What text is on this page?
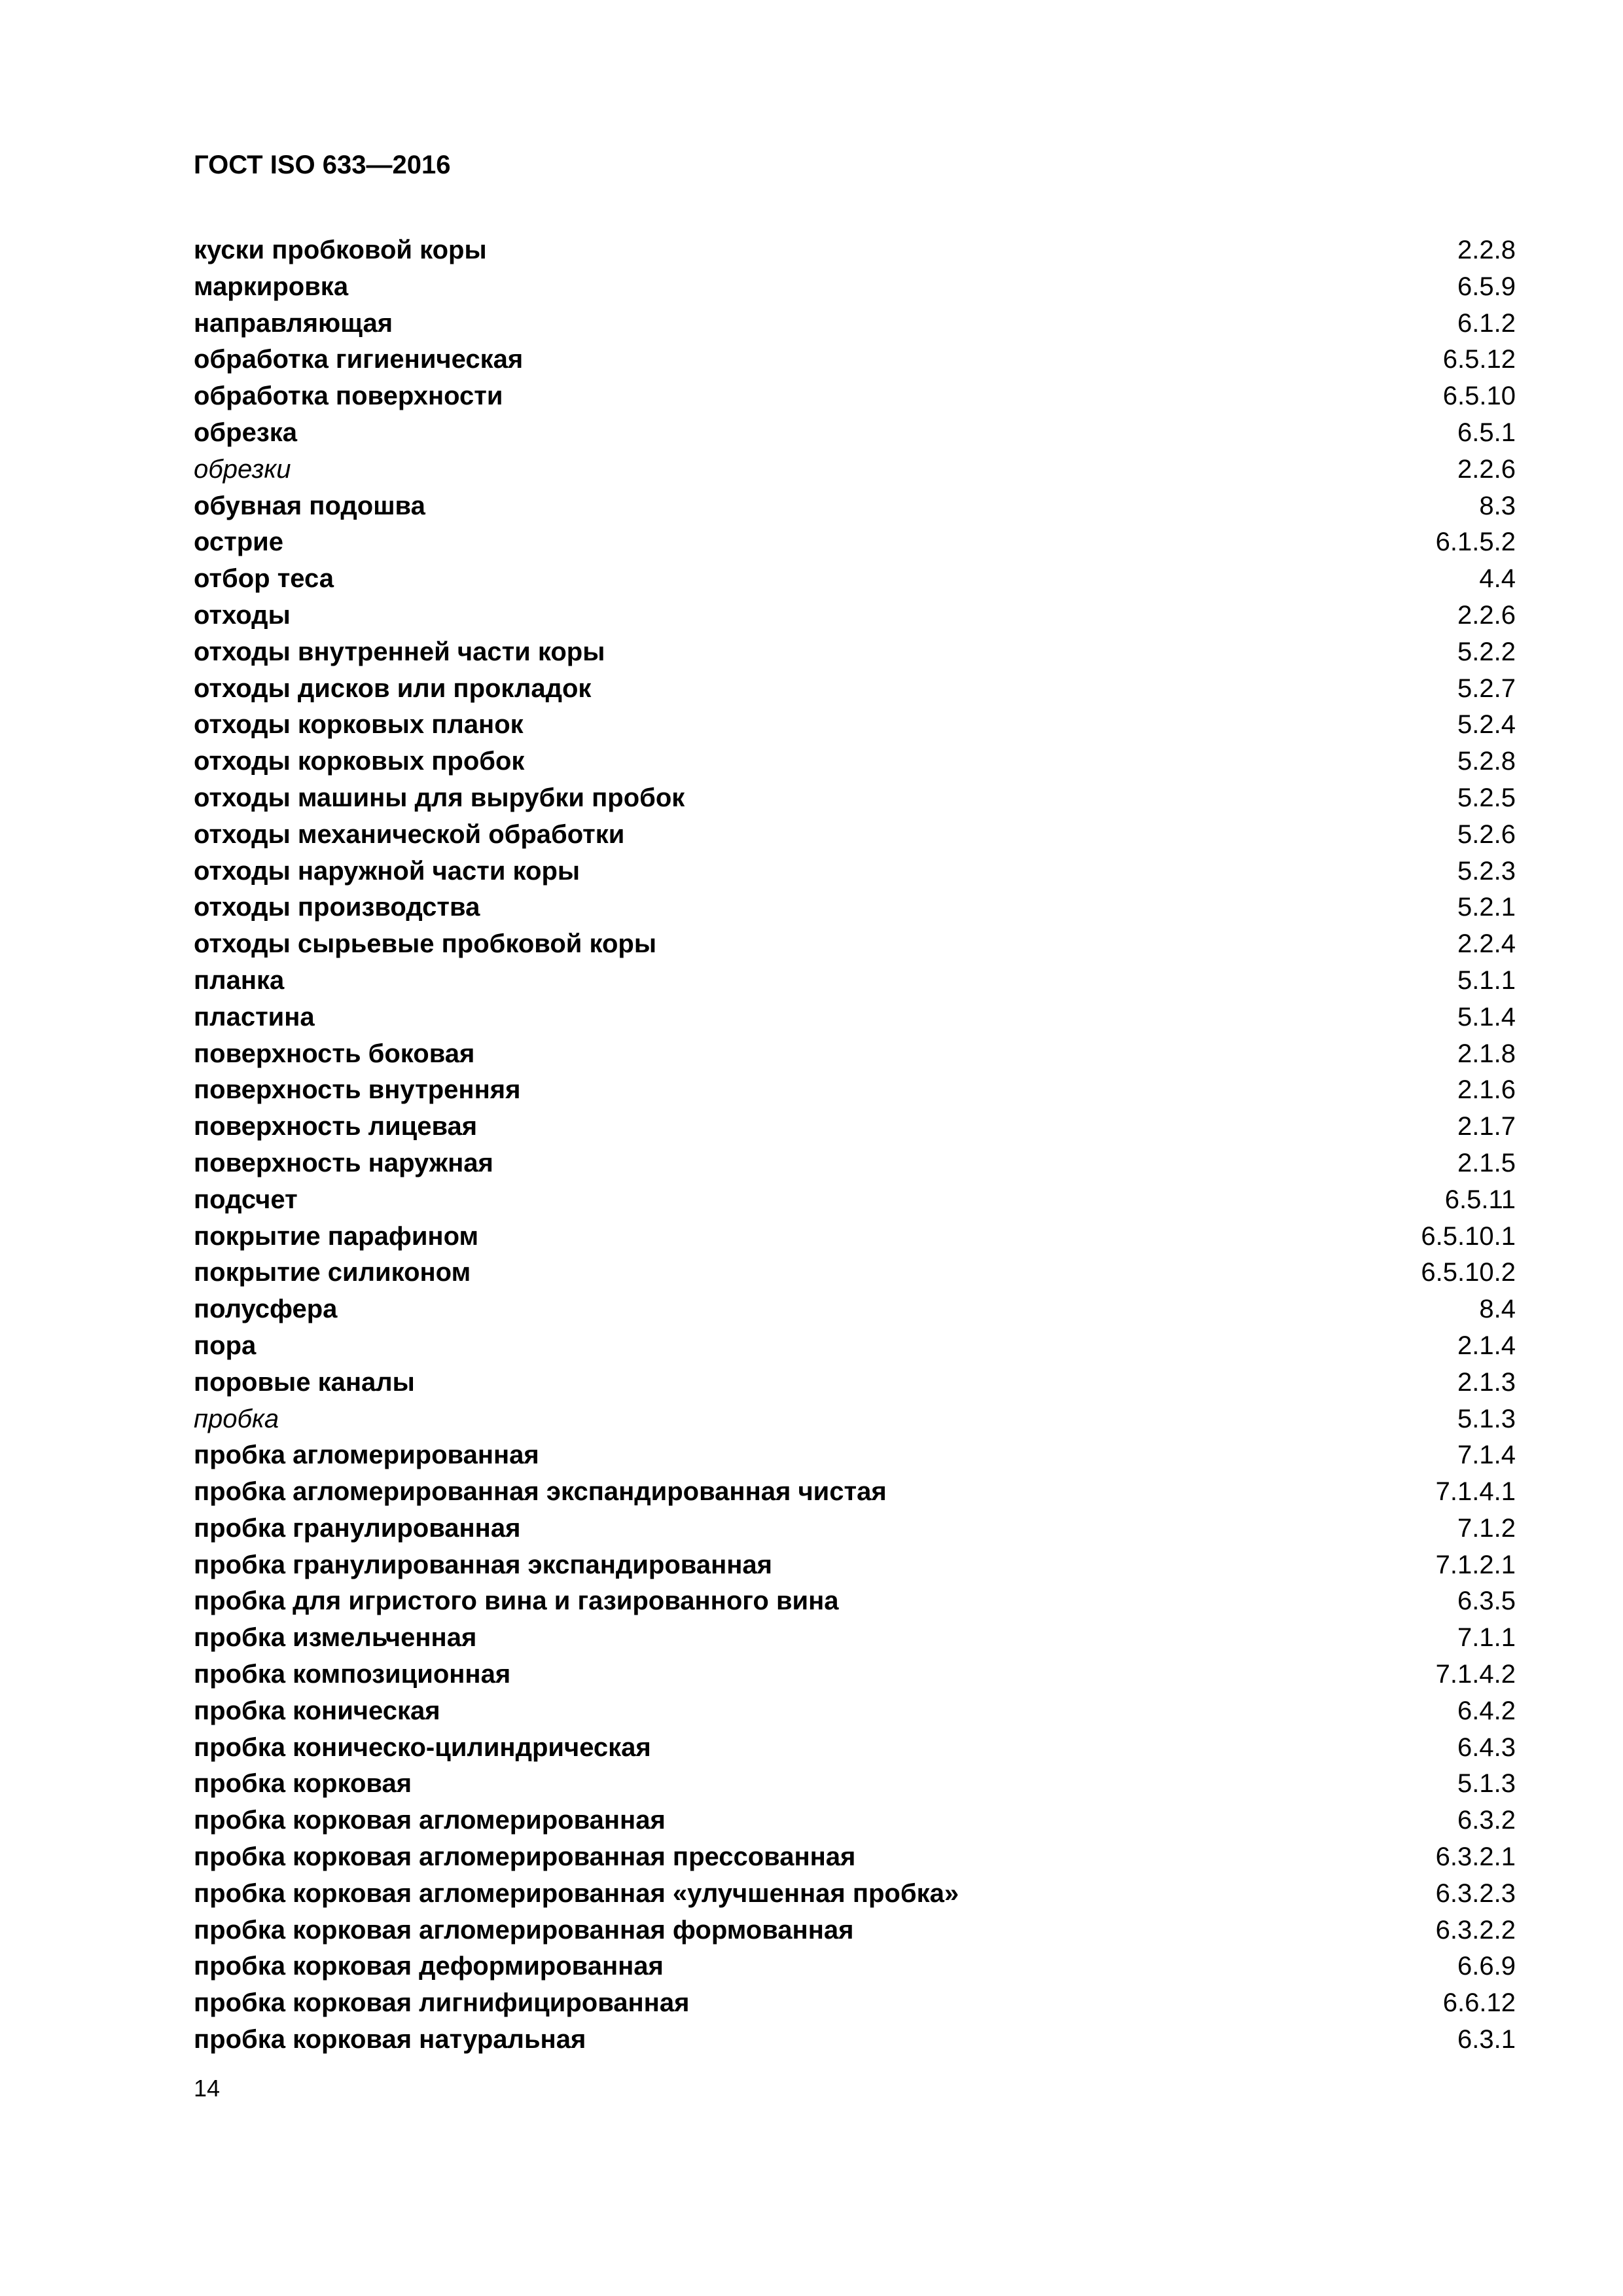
ГОСТ ISO 633—2016
куски пробковой коры	2.2.8
маркировка	6.5.9
направляющая	6.1.2
обработка гигиеническая	6.5.12
обработка поверхности	6.5.10
обрезка	6.5.1
обрезки	2.2.6
обувная подошва	8.3
острие	6.1.5.2
отбор теса	4.4
отходы	2.2.6
отходы внутренней части коры	5.2.2
отходы дисков или прокладок	5.2.7
отходы корковых планок	5.2.4
отходы корковых пробок	5.2.8
отходы машины для вырубки пробок	5.2.5
отходы механической обработки	5.2.6
отходы наружной части коры	5.2.3
отходы производства	5.2.1
отходы сырьевые пробковой коры	2.2.4
планка	5.1.1
пластина	5.1.4
поверхность боковая	2.1.8
поверхность внутренняя	2.1.6
поверхность лицевая	2.1.7
поверхность наружная	2.1.5
подсчет	6.5.11
покрытие парафином	6.5.10.1
покрытие силиконом	6.5.10.2
полусфера	8.4
пора	2.1.4
поровые каналы	2.1.3
пробка	5.1.3
пробка агломерированная	7.1.4
пробка агломерированная экспандированная чистая	7.1.4.1
пробка гранулированная	7.1.2
пробка гранулированная экспандированная	7.1.2.1
пробка для игристого вина и газированного вина	6.3.5
пробка измельченная	7.1.1
пробка композиционная	7.1.4.2
пробка коническая	6.4.2
пробка коническо-цилиндрическая	6.4.3
пробка корковая	5.1.3
пробка корковая агломерированная	6.3.2
пробка корковая агломерированная прессованная	6.3.2.1
пробка корковая агломерированная «улучшенная пробка»	6.3.2.3
пробка корковая агломерированная формованная	6.3.2.2
пробка корковая деформированная	6.6.9
пробка корковая лигнифицированная	6.6.12
пробка корковая натуральная	6.3.1
14
